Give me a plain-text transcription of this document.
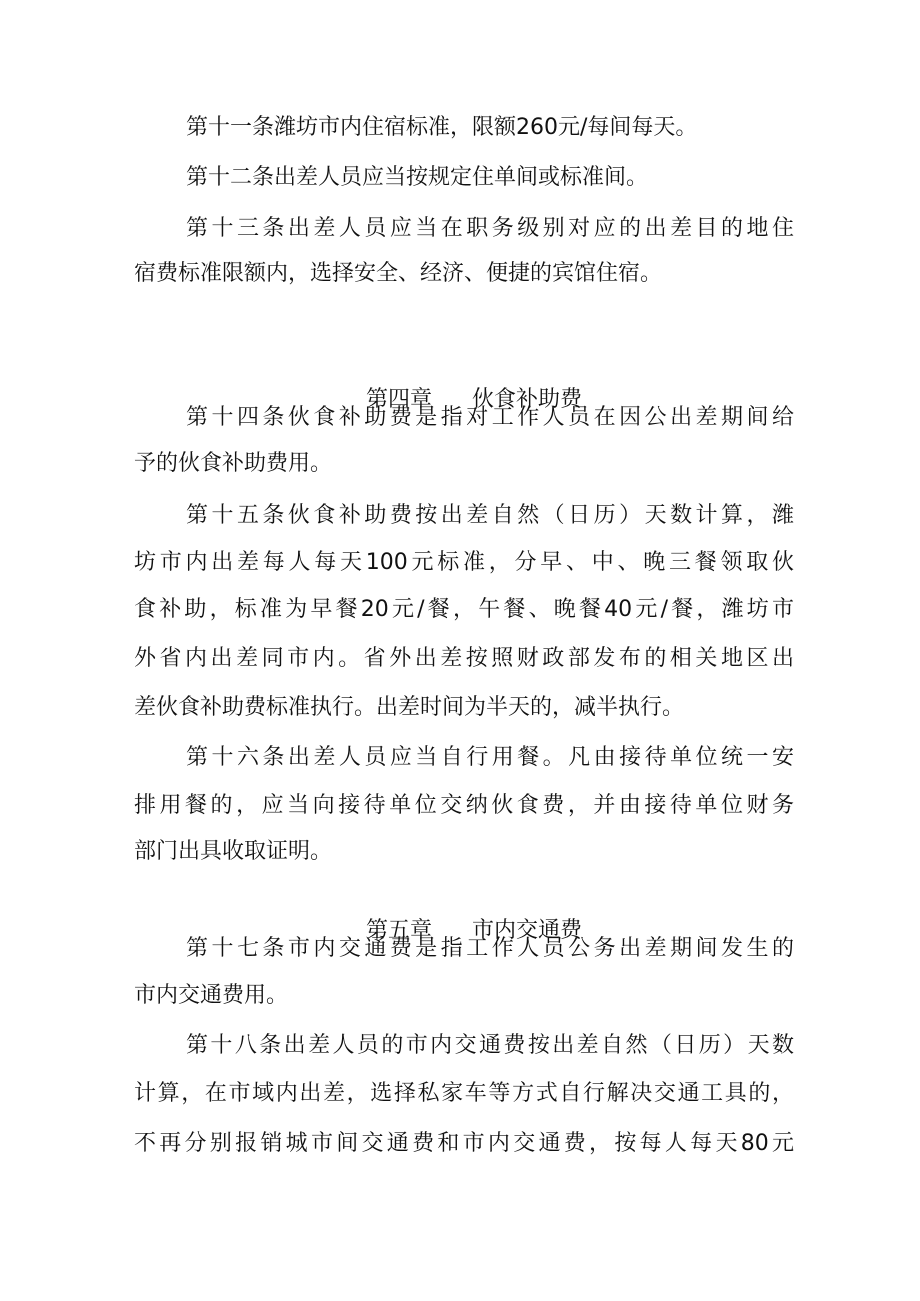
第十一条潍坊市内住宿标准，限额260元/每间每天。
第十二条出差人员应当按规定住单间或标准间。
第十三条出差人员应当在职务级别对应的出差目的地住
宿费标准限额内，选择安全、经济、便捷的宾馆住宿。

第四章 伙食补助费

第十四条伙食补助费是指对工作人员在因公出差期间给
予的伙食补助费用。
第十五条伙食补助费按出差自然（日历）天数计算，潍
坊市内出差每人每天100元标准，分早、中、晚三餐领取伙
食补助，标准为早餐20元/餐，午餐、晚餐40元/餐，潍坊市
外省内出差同市内。省外出差按照财政部发布的相关地区出
差伙食补助费标准执行。出差时间为半天的，减半执行。
第十六条出差人员应当自行用餐。凡由接待单位统一安
排用餐的，应当向接待单位交纳伙食费，并由接待单位财务
部门出具收取证明。

第五章 市内交通费

第十七条市内交通费是指工作人员公务出差期间发生的
市内交通费用。
第十八条出差人员的市内交通费按出差自然（日历）天数
计算，在市域内出差，选择私家车等方式自行解决交通工具的，
不再分别报销城市间交通费和市内交通费，按每人每天80元
